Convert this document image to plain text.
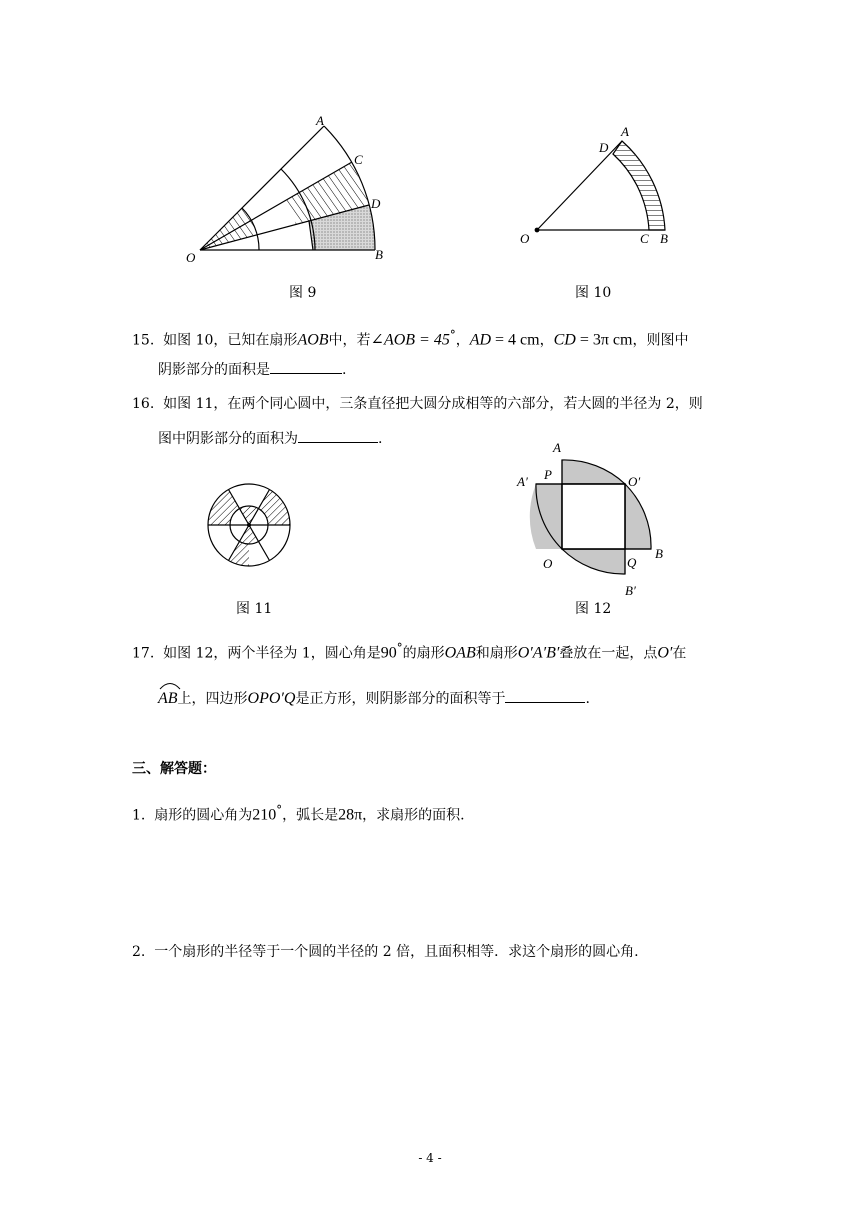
A
C
D
O	B
图 9
A
D
O	C B
图 10
15. 如图 10，已知在扇形AOB中，若∠AOB = 45°，AD = 4 cm，CD = 3π cm，则图中
阴影部分的面积是	.
16. 如图 11，在两个同心圆中，三条直径把大圆分成相等的六部分，若大圆的半径为 2，则
图中阴影部分的面积为	.
图 11
A
A′ P	O′
B
O	Q
B′
图 12
17. 如图 12，两个半径为 1，圆心角是90°的扇形OAB和扇形O′A′B′叠放在一起，点O′在
AB上，四边形OPO′Q是正方形，则阴影部分的面积等于	.
三、解答题：
1. 扇形的圆心角为210°，弧长是28π，求扇形的面积.
2. 一个扇形的半径等于一个圆的半径的 2 倍，且面积相等．求这个扇形的圆心角.
- 4 -
